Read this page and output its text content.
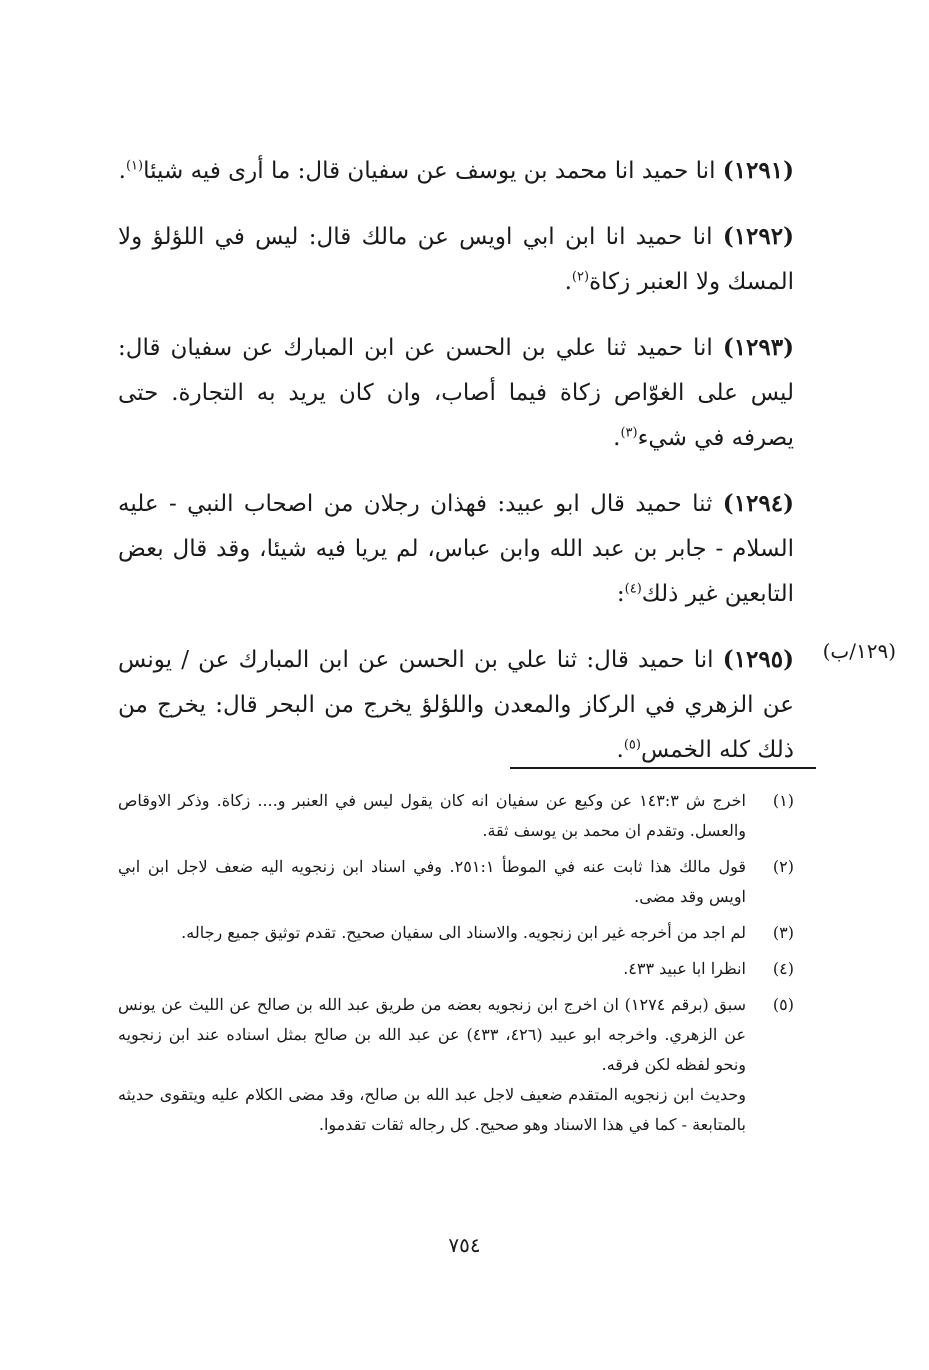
(١٢٩١) انا حميد انا محمد بن يوسف عن سفيان قال: ما أرى فيه شيئا$^{(١)}$.

(١٢٩٢) انا حميد انا ابن ابي اويس عن مالك قال: ليس في اللؤلؤ ولا المسك ولا العنبر زكاة$^{(٢)}$.

(١٢٩٣) انا حميد ثنا علي بن الحسن عن ابن المبارك عن سفيان قال: ليس على الغوّاص زكاة فيما أصاب، وان كان يريد به التجارة. حتى يصرفه في شيء$^{(٣)}$.

(١٢٩٤) ثنا حميد قال ابو عبيد: فهذان رجلان من اصحاب النبي - عليه السلام - جابر بن عبد الله وابن عباس، لم يريا فيه شيئا، وقد قال بعض التابعين غير ذلك$^{(٤)}$:

(١٢٩٥) انا حميد قال: ثنا علي بن الحسن عن ابن المبارك عن / يونس عن الزهري في الركاز والمعدن واللؤلؤ يخرج من البحر قال: يخرج من ذلك كله الخمس$^{(٥)}$.

(١٢٩/ب)
(١)

اخرج ش ١٤٣:٣ عن وكيع عن سفيان انه كان يقول ليس في العنبر و.... زكاة. وذكر الاوقاص والعسل. وتقدم ان محمد بن يوسف ثقة.

(٢)

قول مالك هذا ثابت عنه في الموطأ ٢٥١:١. وفي اسناد ابن زنجويه اليه ضعف لاجل ابن ابي اويس وقد مضى.

(٣)

لم اجد من أخرجه غير ابن زنجويه. والاسناد الى سفيان صحيح. تقدم توثيق جميع رجاله.

(٤)

انظرا ابا عبيد ٤٣٣.

(٥)

سبق (برقم ١٢٧٤) ان اخرج ابن زنجويه بعضه من طريق عبد الله بن صالح عن الليث عن يونس عن الزهري. واخرجه ابو عبيد (٤٢٦، ٤٣٣) عن عبد الله بن صالح بمثل اسناده عند ابن زنجويه ونحو لفظه لكن فرقه.

وحديث ابن زنجويه المتقدم ضعيف لاجل عبد الله بن صالح، وقد مضى الكلام عليه ويتقوى حديثه بالمتابعة - كما في هذا الاسناد وهو صحيح. كل رجاله ثقات تقدموا.

٧٥٤
